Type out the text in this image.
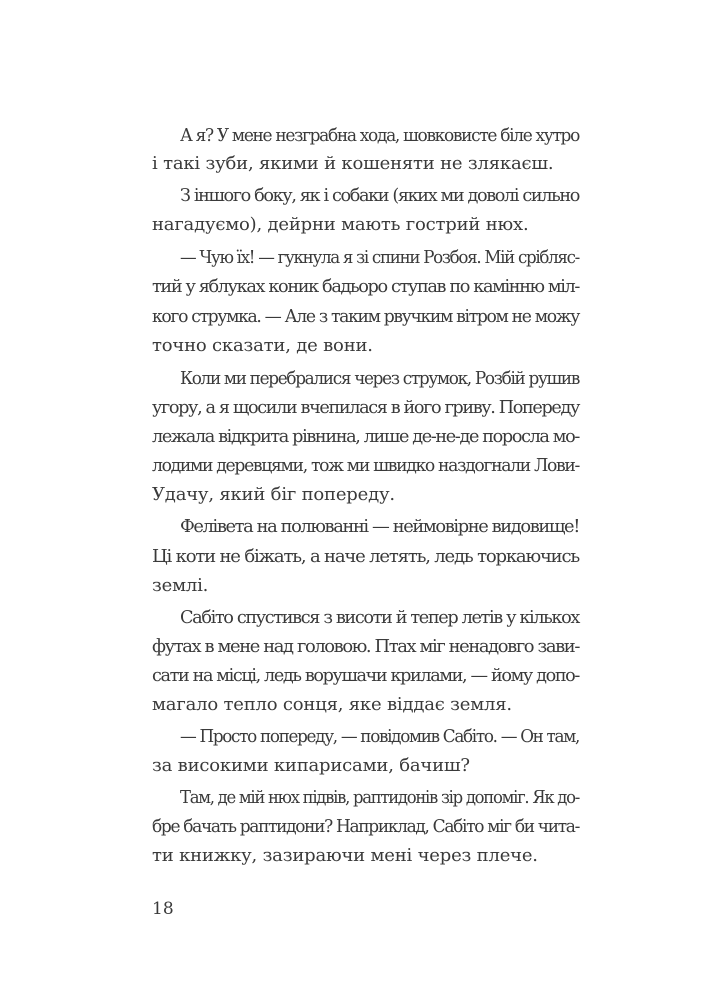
А я? У мене незграбна хода, шовковисте біле хутро
і такі зуби, якими й кошеняти не злякаєш.
З іншого боку, як і собаки (яких ми доволі сильно
нагадуємо), дейрни мають гострий нюх.
— Чую їх! — гукнула я зі спини Розбоя. Мій срібляс-
тий у яблуках коник бадьоро ступав по камінню міл-
кого струмка. — Але з таким рвучким вітром не можу
точно сказати, де вони.
Коли ми перебралися через струмок, Розбій рушив
угору, а я щосили вчепилася в його гриву. Попереду
лежала відкрита рівнина, лише де-не-де поросла мо-
лодими деревцями, тож ми швидко наздогнали Лови-
Удачу, який біг попереду.
Фелівета на полюванні — неймовірне видовище!
Ці коти не біжать, а наче летять, ледь торкаючись
землі.
Сабіто спустився з висоти й тепер летів у кількох
футах в мене над головою. Птах міг ненадовго зави-
сати на місці, ледь ворушачи крилами, — йому допо-
магало тепло сонця, яке віддає земля.
— Просто попереду, — повідомив Сабіто. — Он там,
за високими кипарисами, бачиш?
Там, де мій нюх підвів, раптидонів зір допоміг. Як до-
бре бачать раптидони? Наприклад, Сабіто міг би чита-
ти книжку, зазираючи мені через плече.
18
